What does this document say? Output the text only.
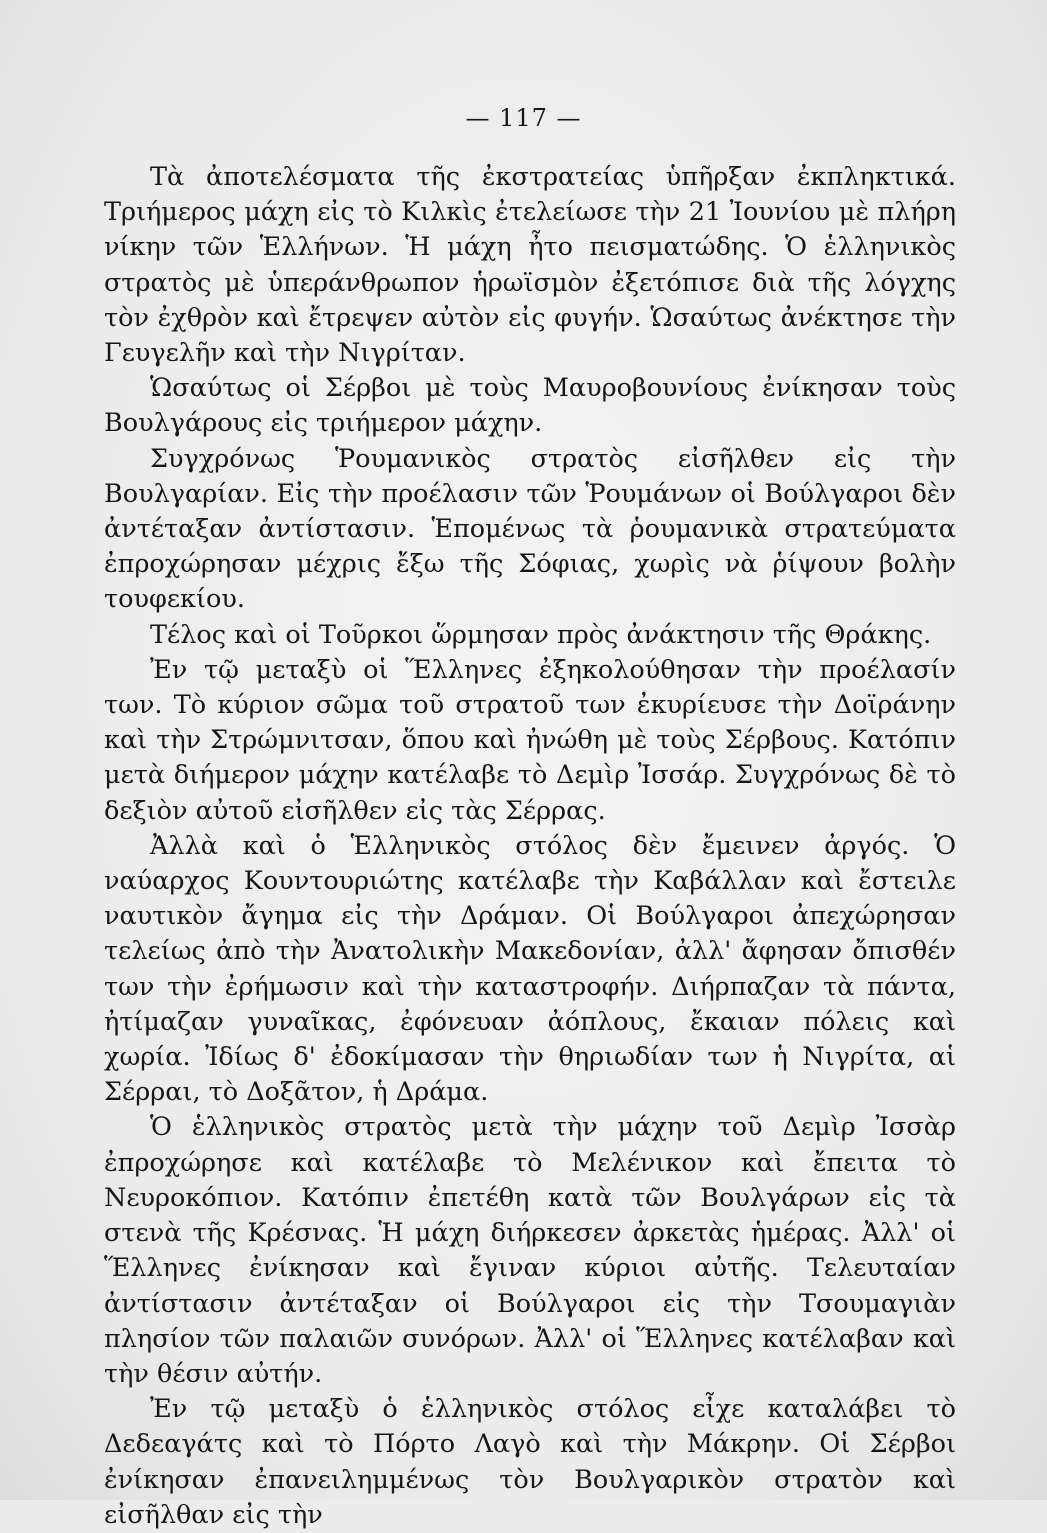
— 117 —

Τὰ ἀποτελέσματα τῆς ἐκστρατείας ὑπῆρξαν ἐκπληκτικά. Τριήμερος μάχη εἰς τὸ Κιλκὶς ἐτελείωσε τὴν 21 Ἰουνίου μὲ πλήρη νίκην τῶν Ἑλλήνων. Ἡ μάχη ἦτο πεισματώδης. Ὁ ἑλληνικὸς στρατὸς μὲ ὑπεράνθρωπον ἡρωϊσμὸν ἐξετόπισε διὰ τῆς λόγχης τὸν ἐχθρὸν καὶ ἔτρεψεν αὐτὸν εἰς φυγήν. Ὡσαύτως ἀνέκτησε τὴν Γευγελῆν καὶ τὴν Νιγρίταν.

Ὡσαύτως οἱ Σέρβοι μὲ τοὺς Μαυροβουνίους ἐνίκησαν τοὺς Βουλγάρους εἰς τριήμερον μάχην.

Συγχρόνως Ῥουμανικὸς στρατὸς εἰσῆλθεν εἰς τὴν Βουλγαρίαν. Εἰς τὴν προέλασιν τῶν Ῥουμάνων οἱ Βούλγαροι δὲν ἀντέταξαν ἀντίστασιν. Ἑπομένως τὰ ῥουμανικὰ στρατεύματα ἐπροχώρησαν μέχρις ἔξω τῆς Σόφιας, χωρὶς νὰ ῥίψουν βολὴν τουφεκίου.

Τέλος καὶ οἱ Τοῦρκοι ὥρμησαν πρὸς ἀνάκτησιν τῆς Θράκης.

Ἐν τῷ μεταξὺ οἱ Ἕλληνες ἐξηκολούθησαν τὴν προέλασίν των. Τὸ κύριον σῶμα τοῦ στρατοῦ των ἐκυρίευσε τὴν Δοϊράνην καὶ τὴν Στρώμνιτσαν, ὅπου καὶ ἠνώθη μὲ τοὺς Σέρβους. Κατόπιν μετὰ διήμερον μάχην κατέλαβε τὸ Δεμὶρ Ἰσσάρ. Συγχρόνως δὲ τὸ δεξιὸν αὐτοῦ εἰσῆλθεν εἰς τὰς Σέρρας.

Ἀλλὰ καὶ ὁ Ἑλληνικὸς στόλος δὲν ἔμεινεν ἀργός. Ὁ ναύαρχος Κουντουριώτης κατέλαβε τὴν Καβάλλαν καὶ ἔστειλε ναυτικὸν ἄγημα εἰς τὴν Δράμαν. Οἱ Βούλγαροι ἀπεχώρησαν τελείως ἀπὸ τὴν Ἀνατολικὴν Μακεδονίαν, ἀλλ' ἄφησαν ὄπισθέν των τὴν ἐρήμωσιν καὶ τὴν καταστροφήν. Διήρπαζαν τὰ πάντα, ἠτίμαζαν γυναῖκας, ἐφόνευαν ἀόπλους, ἔκαιαν πόλεις καὶ χωρία. Ἰδίως δ' ἐδοκίμασαν τὴν θηριωδίαν των ἡ Νιγρίτα, αἱ Σέρραι, τὸ Δοξᾶτον, ἡ Δράμα.

Ὁ ἑλληνικὸς στρατὸς μετὰ τὴν μάχην τοῦ Δεμὶρ Ἰσσὰρ ἐπροχώρησε καὶ κατέλαβε τὸ Μελένικον καὶ ἔπειτα τὸ Νευροκόπιον. Κατόπιν ἐπετέθη κατὰ τῶν Βουλγάρων εἰς τὰ στενὰ τῆς Κρέσνας. Ἡ μάχη διήρκεσεν ἀρκετὰς ἡμέρας. Ἀλλ' οἱ Ἕλληνες ἐνίκησαν καὶ ἔγιναν κύριοι αὐτῆς. Τελευταίαν ἀντίστασιν ἀντέταξαν οἱ Βούλγαροι εἰς τὴν Τσουμαγιὰν πλησίον τῶν παλαιῶν συνόρων. Ἀλλ' οἱ Ἕλληνες κατέλαβαν καὶ τὴν θέσιν αὐτήν.

Ἐν τῷ μεταξὺ ὁ ἑλληνικὸς στόλος εἶχε καταλάβει τὸ Δεδεαγάτς καὶ τὸ Πόρτο Λαγὸ καὶ τὴν Μάκρην. Οἱ Σέρβοι ἐνίκησαν ἐπανειλημμένως τὸν Βουλγαρικὸν στρατὸν καὶ εἰσῆλθαν εἰς τὴν
